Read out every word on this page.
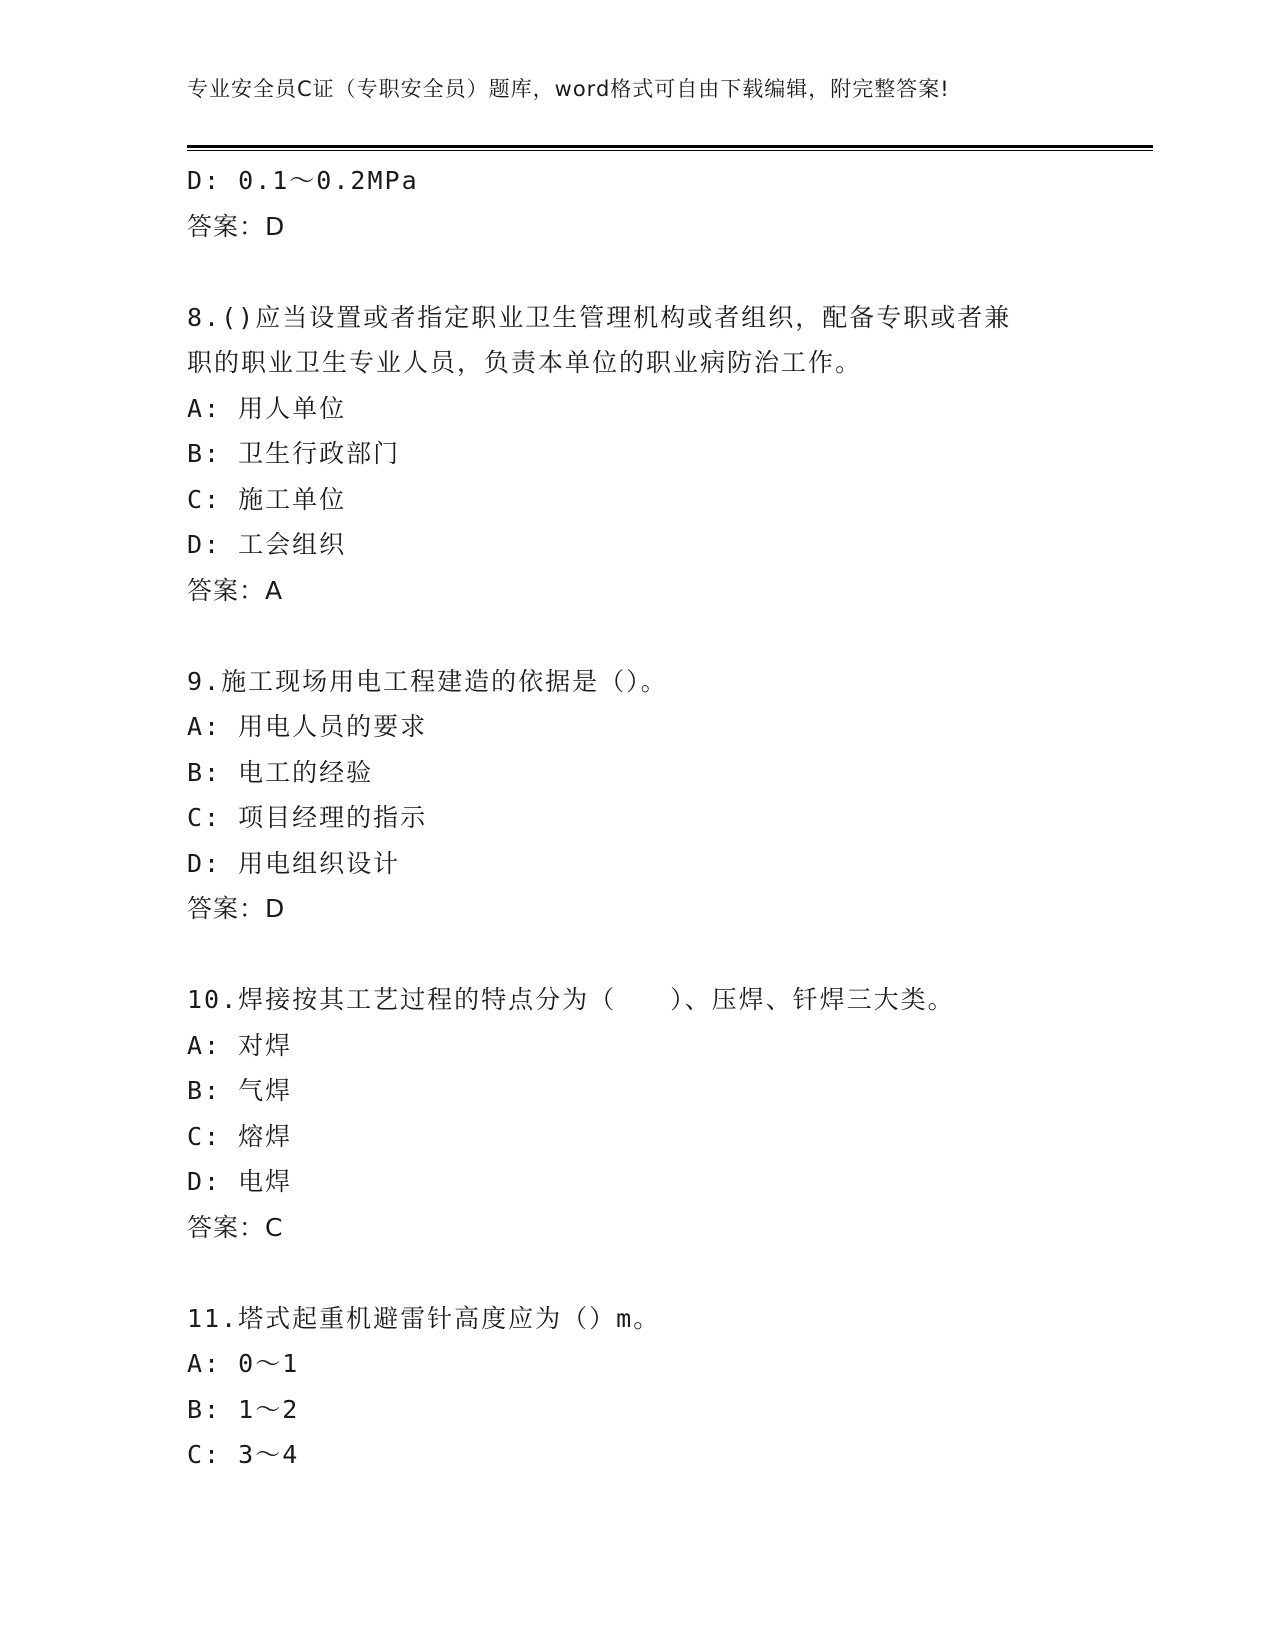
专业安全员C证（专职安全员）题库，word格式可自由下载编辑，附完整答案!
D: 0.1～0.2MPa
答案：D
8.()应当设置或者指定职业卫生管理机构或者组织，配备专职或者兼
职的职业卫生专业人员，负责本单位的职业病防治工作。
A: 用人单位
B: 卫生行政部门
C: 施工单位
D: 工会组织
答案：A
9.施工现场用电工程建造的依据是（）。
A: 用电人员的要求
B: 电工的经验
C: 项目经理的指示
D: 用电组织设计
答案：D
10.焊接按其工艺过程的特点分为（　　）、压焊、钎焊三大类。
A: 对焊
B: 气焊
C: 熔焊
D: 电焊
答案：C
11.塔式起重机避雷针高度应为（）m。
A: 0～1
B: 1～2
C: 3～4
